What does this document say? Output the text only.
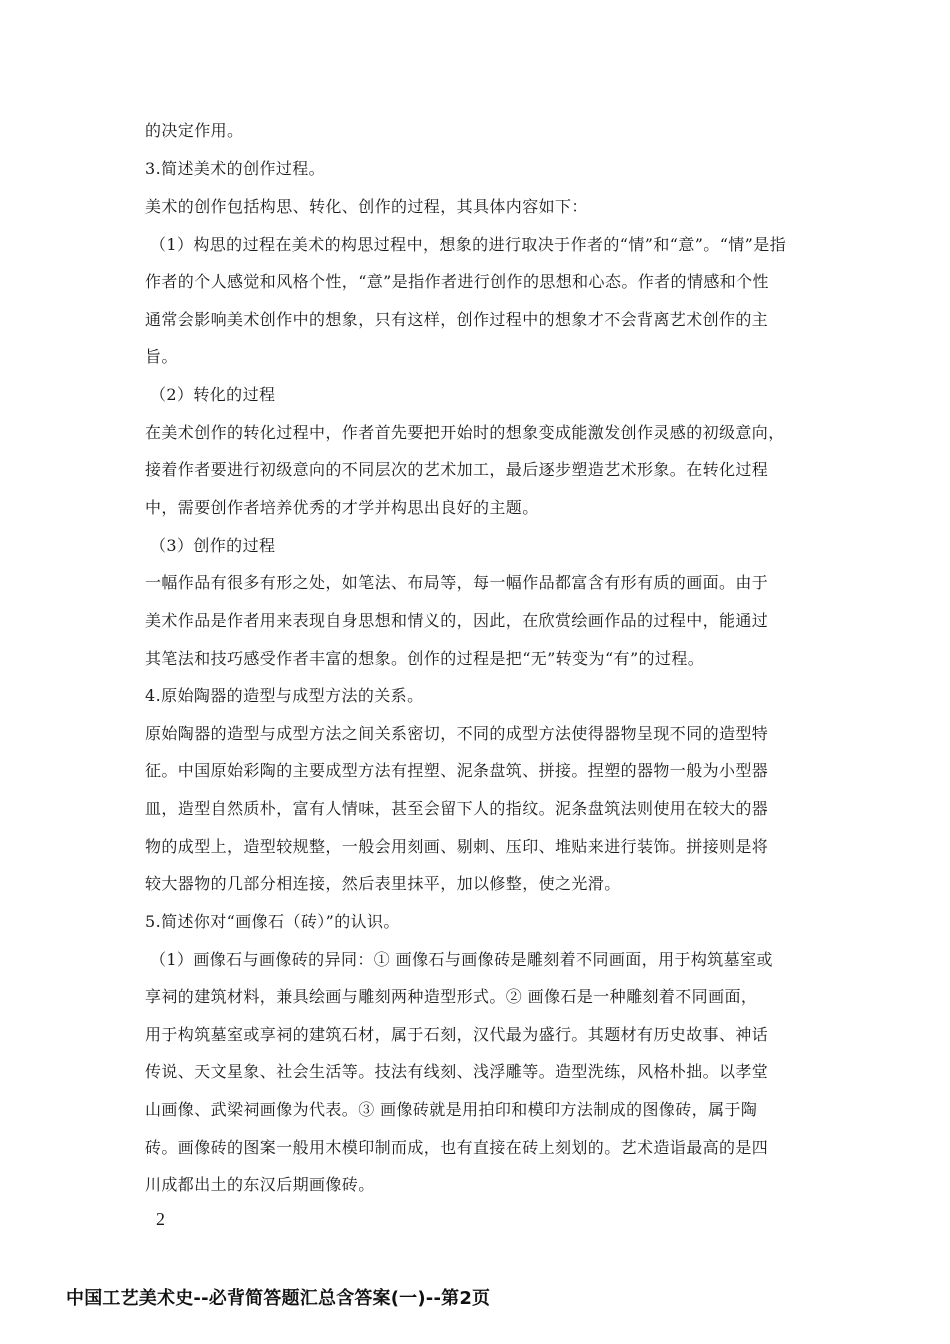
的决定作用。
3.简述美术的创作过程。
美术的创作包括构思、转化、创作的过程，其具体内容如下：
（1）构思的过程在美术的构思过程中，想象的进行取决于作者的“情”和“意”。“情”是指
作者的个人感觉和风格个性，“意”是指作者进行创作的思想和心态。作者的情感和个性
通常会影响美术创作中的想象，只有这样，创作过程中的想象才不会背离艺术创作的主
旨。
（2）转化的过程
在美术创作的转化过程中，作者首先要把开始时的想象变成能激发创作灵感的初级意向，
接着作者要进行初级意向的不同层次的艺术加工，最后逐步塑造艺术形象。在转化过程
中，需要创作者培养优秀的才学并构思出良好的主题。
（3）创作的过程
一幅作品有很多有形之处，如笔法、布局等，每一幅作品都富含有形有质的画面。由于
美术作品是作者用来表现自身思想和情义的，因此，在欣赏绘画作品的过程中，能通过
其笔法和技巧感受作者丰富的想象。创作的过程是把“无”转变为“有”的过程。
4.原始陶器的造型与成型方法的关系。
原始陶器的造型与成型方法之间关系密切，不同的成型方法使得器物呈现不同的造型特
征。中国原始彩陶的主要成型方法有捏塑、泥条盘筑、拼接。捏塑的器物一般为小型器
皿，造型自然质朴，富有人情味，甚至会留下人的指纹。泥条盘筑法则使用在较大的器
物的成型上，造型较规整，一般会用刻画、剔刺、压印、堆贴来进行装饰。拼接则是将
较大器物的几部分相连接，然后表里抹平，加以修整，使之光滑。
5.简述你对“画像石（砖）”的认识。
（1）画像石与画像砖的异同：① 画像石与画像砖是雕刻着不同画面，用于构筑墓室或
享祠的建筑材料，兼具绘画与雕刻两种造型形式。② 画像石是一种雕刻着不同画面，
用于构筑墓室或享祠的建筑石材，属于石刻，汉代最为盛行。其题材有历史故事、神话
传说、天文星象、社会生活等。技法有线刻、浅浮雕等。造型洗练，风格朴拙。以孝堂
山画像、武梁祠画像为代表。③ 画像砖就是用拍印和模印方法制成的图像砖，属于陶
砖。画像砖的图案一般用木模印制而成，也有直接在砖上刻划的。艺术造诣最高的是四
川成都出土的东汉后期画像砖。
2
中国工艺美术史--必背简答题汇总含答案(一)--第2页
